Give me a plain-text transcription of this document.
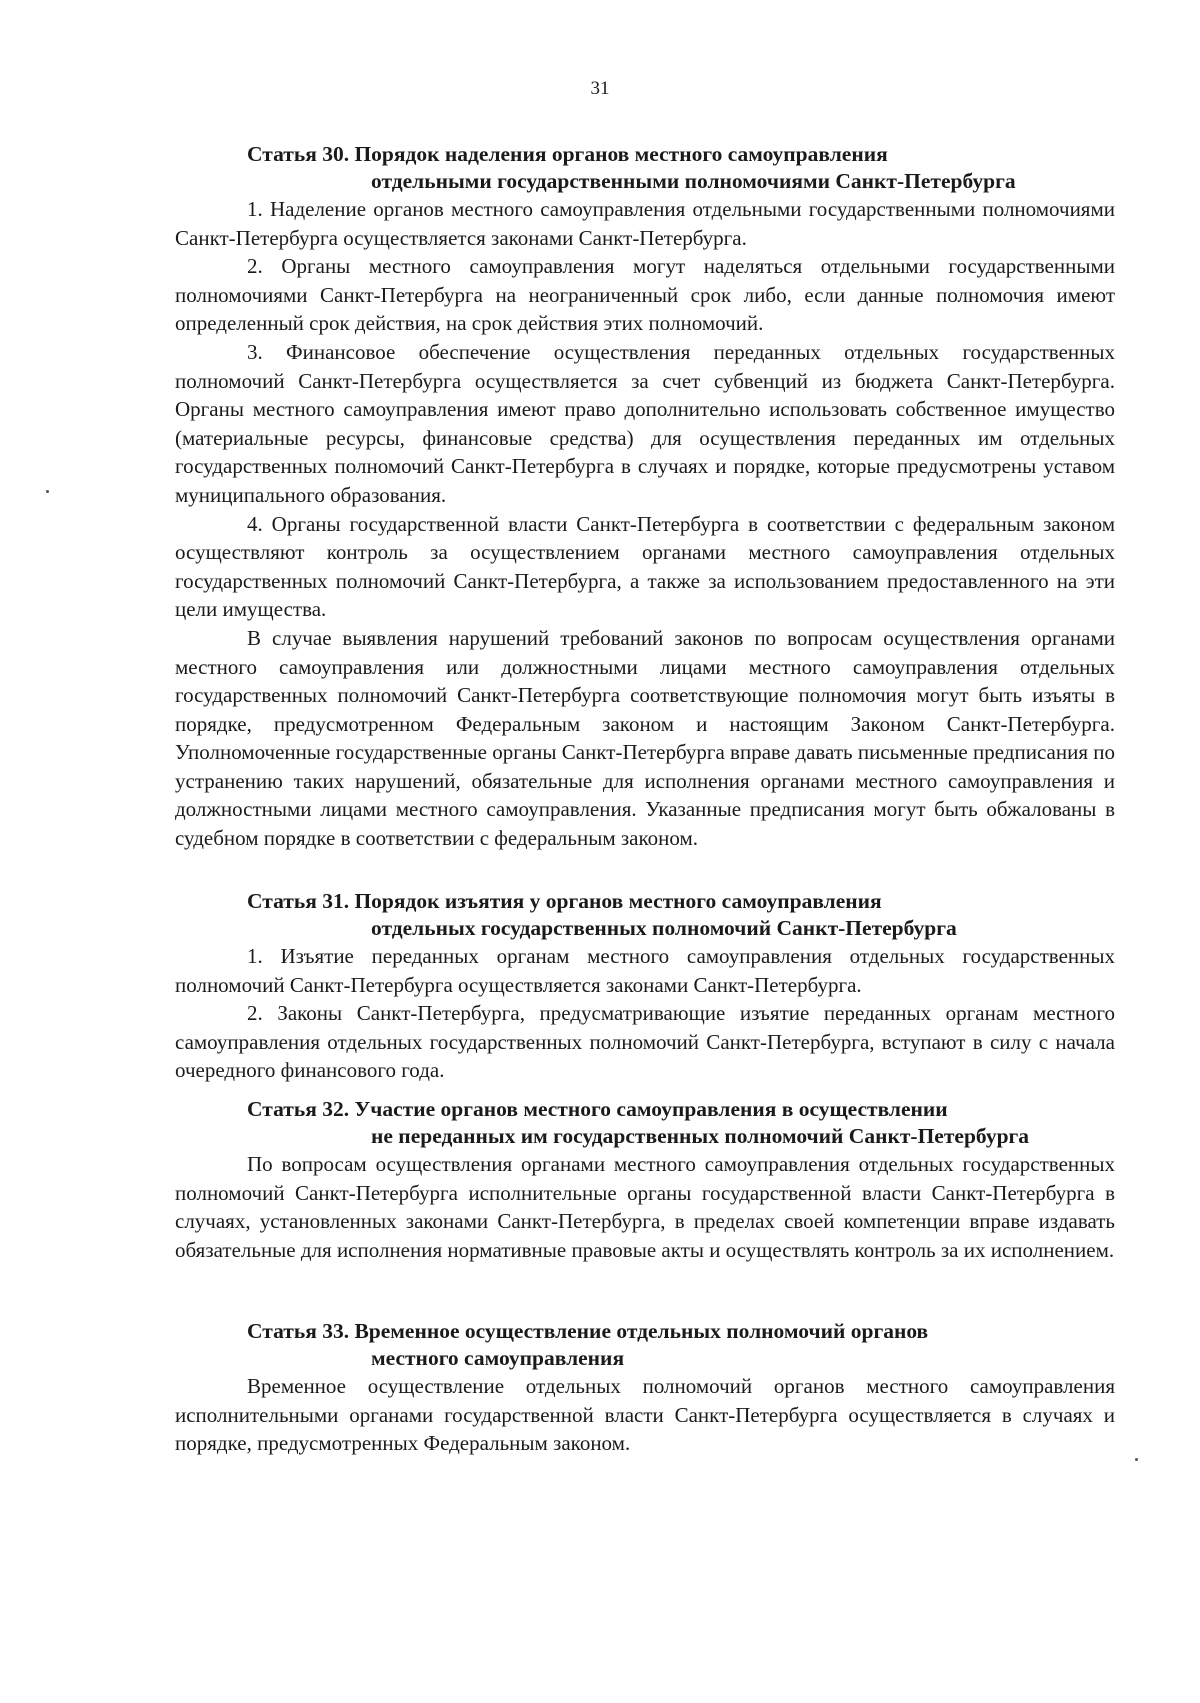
31
Статья 30. Порядок наделения органов местного самоуправления
отдельными государственными полномочиями Санкт-Петербурга

1. Наделение органов местного самоуправления отдельными государственными полномочиями Санкт-Петербурга осуществляется законами Санкт-Петербурга.

2. Органы местного самоуправления могут наделяться отдельными государственными полномочиями Санкт-Петербурга на неограниченный срок либо, если данные полномочия имеют определенный срок действия, на срок действия этих полномочий.

3. Финансовое обеспечение осуществления переданных отдельных государственных полномочий Санкт-Петербурга осуществляется за счет субвенций из бюджета Санкт-Петербурга. Органы местного самоуправления имеют право дополнительно использовать собственное имущество (материальные ресурсы, финансовые средства) для осуществления переданных им отдельных государственных полномочий Санкт-Петербурга в случаях и порядке, которые предусмотрены уставом муниципального образования.

4. Органы государственной власти Санкт-Петербурга в соответствии с федеральным законом осуществляют контроль за осуществлением органами местного самоуправления отдельных государственных полномочий Санкт-Петербурга, а также за использованием предоставленного на эти цели имущества.

В случае выявления нарушений требований законов по вопросам осуществления органами местного самоуправления или должностными лицами местного самоуправления отдельных государственных полномочий Санкт-Петербурга соответствующие полномочия могут быть изъяты в порядке, предусмотренном Федеральным законом и настоящим Законом Санкт-Петербурга. Уполномоченные государственные органы Санкт-Петербурга вправе давать письменные предписания по устранению таких нарушений, обязательные для исполнения органами местного самоуправления и должностными лицами местного самоуправления. Указанные предписания могут быть обжалованы в судебном порядке в соответствии с федеральным законом.

Статья 31. Порядок изъятия у органов местного самоуправления
отдельных государственных полномочий Санкт-Петербурга

1. Изъятие переданных органам местного самоуправления отдельных государственных полномочий Санкт-Петербурга осуществляется законами Санкт-Петербурга.

2. Законы Санкт-Петербурга, предусматривающие изъятие переданных органам местного самоуправления отдельных государственных полномочий Санкт-Петербурга, вступают в силу с начала очередного финансового года.

Статья 32. Участие органов местного самоуправления в осуществлении
не переданных им государственных полномочий Санкт-Петербурга

По вопросам осуществления органами местного самоуправления отдельных государственных полномочий Санкт-Петербурга исполнительные органы государственной власти Санкт-Петербурга в случаях, установленных законами Санкт-Петербурга, в пределах своей компетенции вправе издавать обязательные для исполнения нормативные правовые акты и осуществлять контроль за их исполнением.

Статья 33. Временное осуществление отдельных полномочий органов
местного самоуправления

Временное осуществление отдельных полномочий органов местного самоуправления исполнительными органами государственной власти Санкт-Петербурга осуществляется в случаях и порядке, предусмотренных Федеральным законом.
